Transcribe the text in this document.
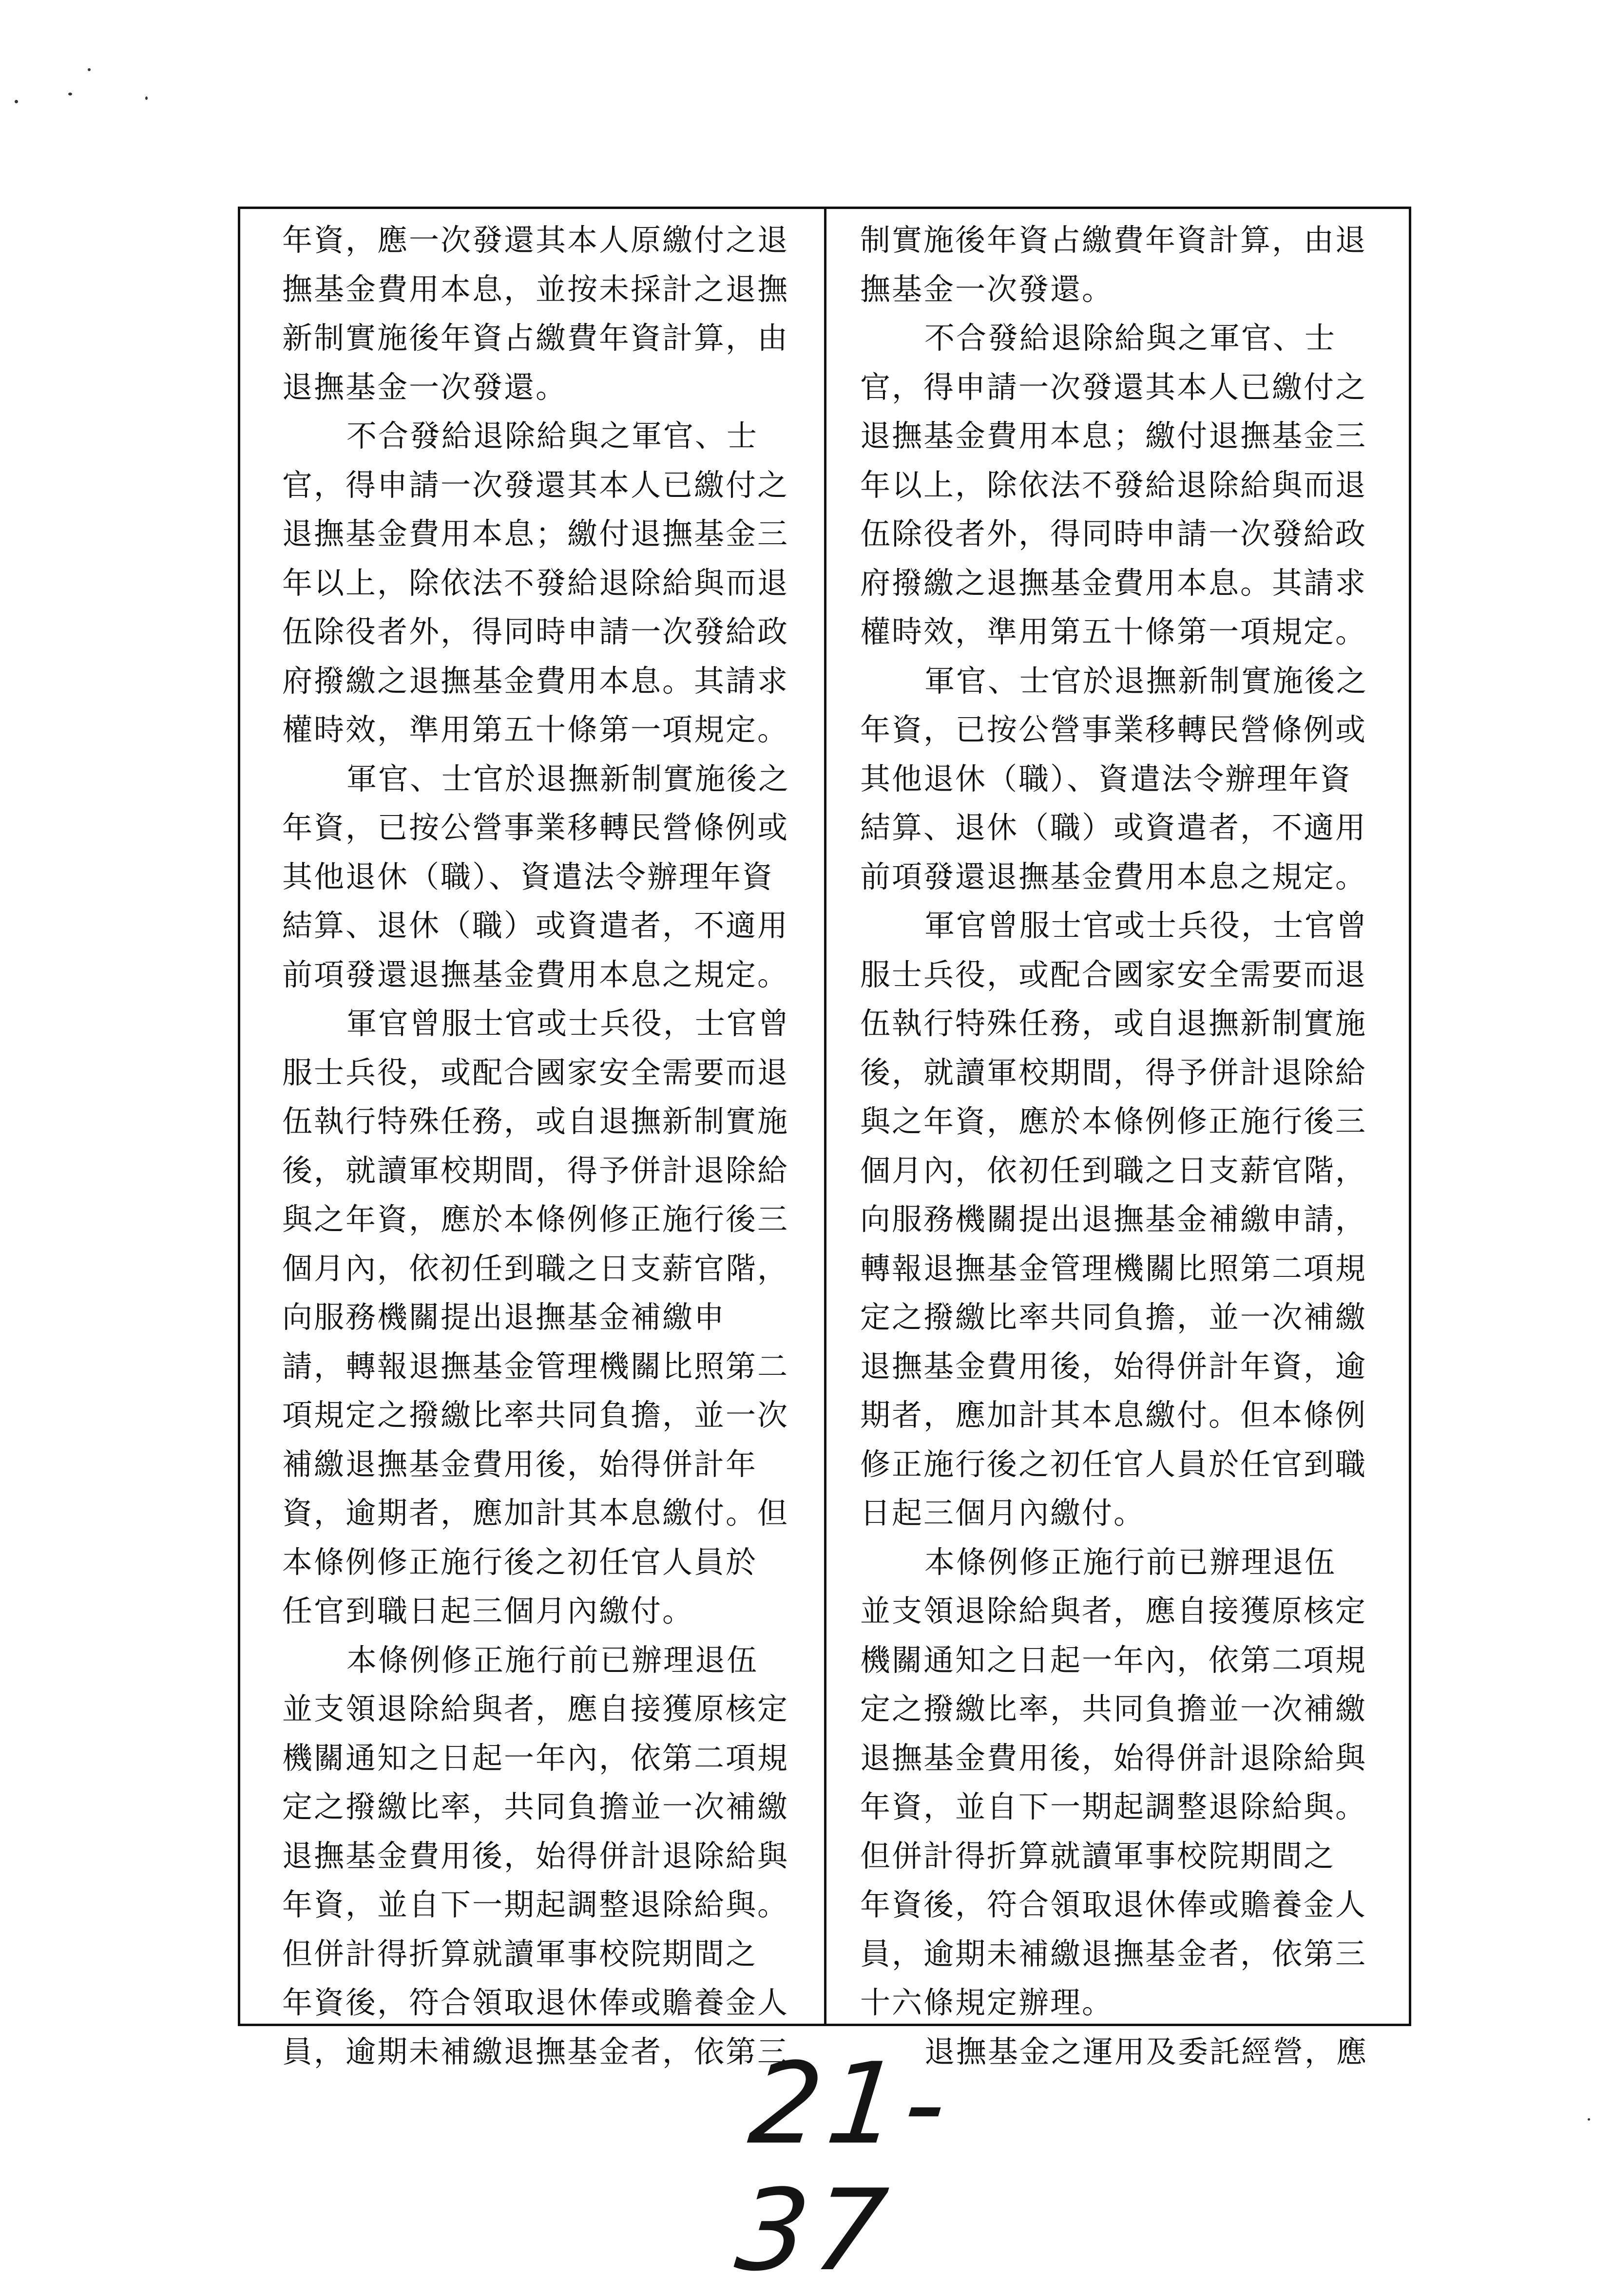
年資，應一次發還其本人原繳付之退
撫基金費用本息，並按未採計之退撫
新制實施後年資占繳費年資計算，由
退撫基金一次發還。
不合發給退除給與之軍官、士
官，得申請一次發還其本人已繳付之
退撫基金費用本息；繳付退撫基金三
年以上，除依法不發給退除給與而退
伍除役者外，得同時申請一次發給政
府撥繳之退撫基金費用本息。其請求
權時效，準用第五十條第一項規定。
軍官、士官於退撫新制實施後之
年資，已按公營事業移轉民營條例或
其他退休（職）、資遣法令辦理年資
結算、退休（職）或資遣者，不適用
前項發還退撫基金費用本息之規定。
軍官曾服士官或士兵役，士官曾
服士兵役，或配合國家安全需要而退
伍執行特殊任務，或自退撫新制實施
後，就讀軍校期間，得予併計退除給
與之年資，應於本條例修正施行後三
個月內，依初任到職之日支薪官階，
向服務機關提出退撫基金補繳申
請，轉報退撫基金管理機關比照第二
項規定之撥繳比率共同負擔，並一次
補繳退撫基金費用後，始得併計年
資，逾期者，應加計其本息繳付。但
本條例修正施行後之初任官人員於
任官到職日起三個月內繳付。
本條例修正施行前已辦理退伍
並支領退除給與者，應自接獲原核定
機關通知之日起一年內，依第二項規
定之撥繳比率，共同負擔並一次補繳
退撫基金費用後，始得併計退除給與
年資，並自下一期起調整退除給與。
但併計得折算就讀軍事校院期間之
年資後，符合領取退休俸或贍養金人
員，逾期未補繳退撫基金者，依第三
制實施後年資占繳費年資計算，由退
撫基金一次發還。
不合發給退除給與之軍官、士
官，得申請一次發還其本人已繳付之
退撫基金費用本息；繳付退撫基金三
年以上，除依法不發給退除給與而退
伍除役者外，得同時申請一次發給政
府撥繳之退撫基金費用本息。其請求
權時效，準用第五十條第一項規定。
軍官、士官於退撫新制實施後之
年資，已按公營事業移轉民營條例或
其他退休（職）、資遣法令辦理年資
結算、退休（職）或資遣者，不適用
前項發還退撫基金費用本息之規定。
軍官曾服士官或士兵役，士官曾
服士兵役，或配合國家安全需要而退
伍執行特殊任務，或自退撫新制實施
後，就讀軍校期間，得予併計退除給
與之年資，應於本條例修正施行後三
個月內，依初任到職之日支薪官階，
向服務機關提出退撫基金補繳申請，
轉報退撫基金管理機關比照第二項規
定之撥繳比率共同負擔，並一次補繳
退撫基金費用後，始得併計年資，逾
期者，應加計其本息繳付。但本條例
修正施行後之初任官人員於任官到職
日起三個月內繳付。
本條例修正施行前已辦理退伍
並支領退除給與者，應自接獲原核定
機關通知之日起一年內，依第二項規
定之撥繳比率，共同負擔並一次補繳
退撫基金費用後，始得併計退除給與
年資，並自下一期起調整退除給與。
但併計得折算就讀軍事校院期間之
年資後，符合領取退休俸或贍養金人
員，逾期未補繳退撫基金者，依第三
十六條規定辦理。
退撫基金之運用及委託經營，應
21-37
